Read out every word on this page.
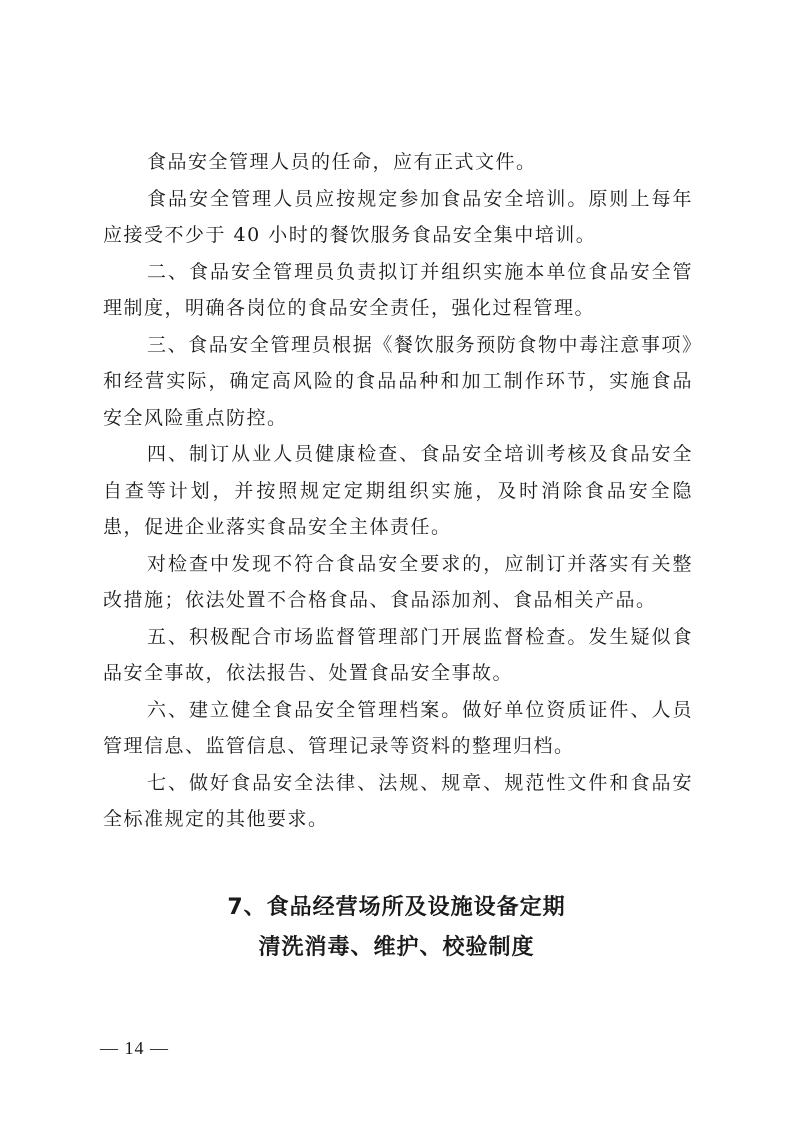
食品安全管理人员的任命，应有正式文件。

食品安全管理人员应按规定参加食品安全培训。原则上每年应接受不少于 40 小时的餐饮服务食品安全集中培训。

二、食品安全管理员负责拟订并组织实施本单位食品安全管理制度，明确各岗位的食品安全责任，强化过程管理。

三、食品安全管理员根据《餐饮服务预防食物中毒注意事项》和经营实际，确定高风险的食品品种和加工制作环节，实施食品安全风险重点防控。

四、制订从业人员健康检查、食品安全培训考核及食品安全自查等计划，并按照规定定期组织实施，及时消除食品安全隐患，促进企业落实食品安全主体责任。

对检查中发现不符合食品安全要求的，应制订并落实有关整改措施；依法处置不合格食品、食品添加剂、食品相关产品。

五、积极配合市场监督管理部门开展监督检查。发生疑似食品安全事故，依法报告、处置食品安全事故。

六、建立健全食品安全管理档案。做好单位资质证件、人员管理信息、监管信息、管理记录等资料的整理归档。

七、做好食品安全法律、法规、规章、规范性文件和食品安全标准规定的其他要求。

7、食品经营场所及设施设备定期
清洗消毒、维护、校验制度
— 14 —
